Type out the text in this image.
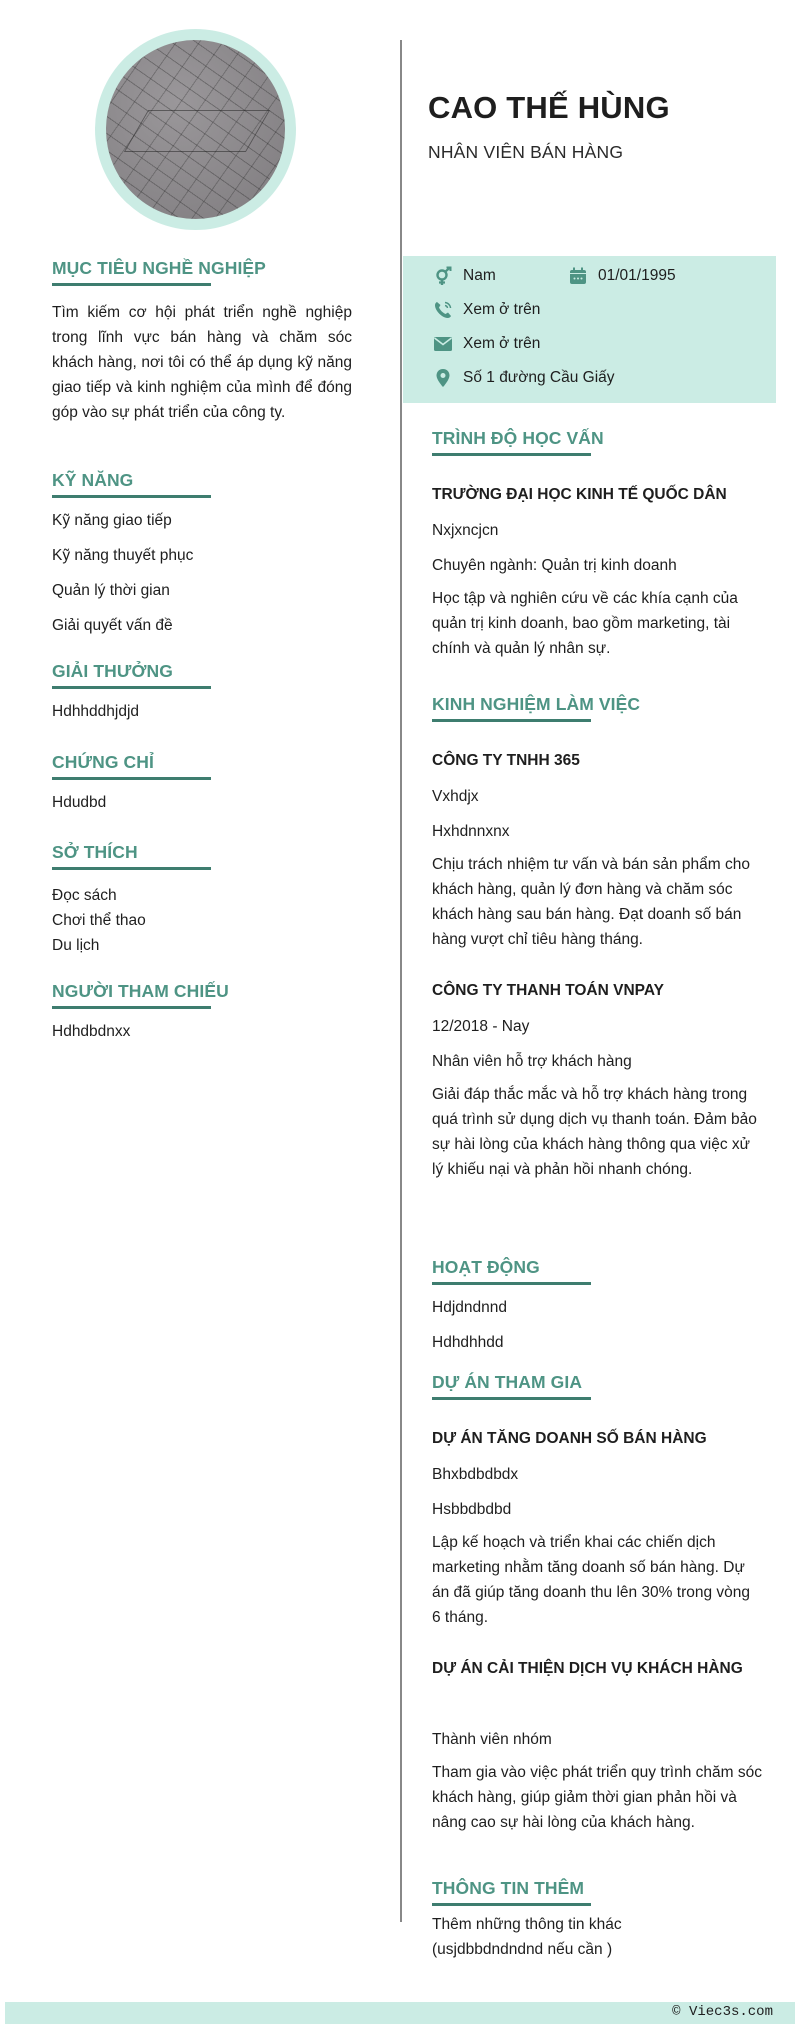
CAO THẾ HÙNG
NHÂN VIÊN BÁN HÀNG
Nam	01/01/1995
Xem ở trên
Xem ở trên
Số 1 đường Cầu Giấy
MỤC TIÊU NGHỀ NGHIỆP
Tìm kiếm cơ hội phát triển nghề nghiệp trong lĩnh vực bán hàng và chăm sóc khách hàng, nơi tôi có thể áp dụng kỹ năng giao tiếp và kinh nghiệm của mình để đóng góp vào sự phát triển của công ty.
KỸ NĂNG
Kỹ năng giao tiếp
Kỹ năng thuyết phục
Quản lý thời gian
Giải quyết vấn đề
GIẢI THƯỞNG
Hdhhddhjdjd
CHỨNG CHỈ
Hdudbd
SỞ THÍCH
Đọc sách
Chơi thể thao
Du lịch
NGƯỜI THAM CHIẾU
Hdhdbdnxx
TRÌNH ĐỘ HỌC VẤN
TRƯỜNG ĐẠI HỌC KINH TẾ QUỐC DÂN
Nxjxncjcn
Chuyên ngành: Quản trị kinh doanh
Học tập và nghiên cứu về các khía cạnh của quản trị kinh doanh, bao gồm marketing, tài chính và quản lý nhân sự.
KINH NGHIỆM LÀM VIỆC
CÔNG TY TNHH 365
Vxhdjx
Hxhdnnxnx
Chịu trách nhiệm tư vấn và bán sản phẩm cho khách hàng, quản lý đơn hàng và chăm sóc khách hàng sau bán hàng. Đạt doanh số bán hàng vượt chỉ tiêu hàng tháng.
CÔNG TY THANH TOÁN VNPAY
12/2018 - Nay
Nhân viên hỗ trợ khách hàng
Giải đáp thắc mắc và hỗ trợ khách hàng trong quá trình sử dụng dịch vụ thanh toán. Đảm bảo sự hài lòng của khách hàng thông qua việc xử lý khiếu nại và phản hồi nhanh chóng.
HOẠT ĐỘNG
Hdjdndnnd
Hdhdhhdd
DỰ ÁN THAM GIA
DỰ ÁN TĂNG DOANH SỐ BÁN HÀNG
Bhxbdbdbdx
Hsbbdbdbd
Lập kế hoạch và triển khai các chiến dịch marketing nhằm tăng doanh số bán hàng. Dự án đã giúp tăng doanh thu lên 30% trong vòng 6 tháng.
DỰ ÁN CẢI THIỆN DỊCH VỤ KHÁCH HÀNG
Thành viên nhóm
Tham gia vào việc phát triển quy trình chăm sóc khách hàng, giúp giảm thời gian phản hồi và nâng cao sự hài lòng của khách hàng.
THÔNG TIN THÊM
Thêm những thông tin khác (usjdbbdndndnd nếu cần )
© Viec3s.com
